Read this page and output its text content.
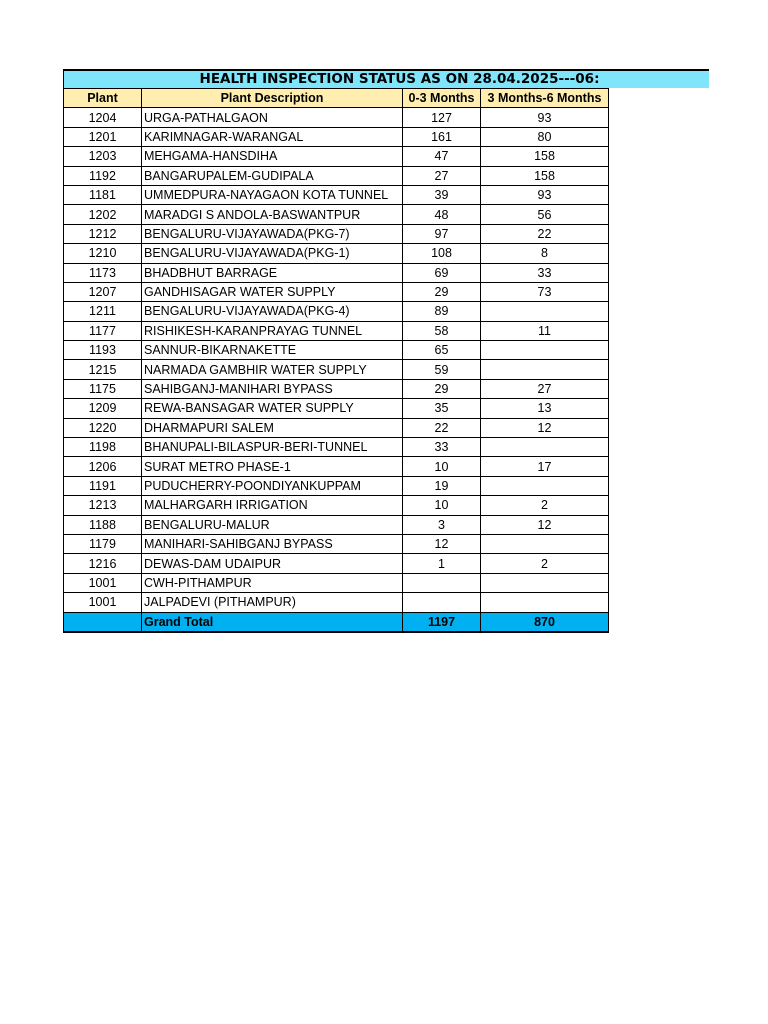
HEALTH INSPECTION STATUS AS ON 28.04.2025---06:
Plant	Plant Description	0-3 Months	3 Months-6 Months
1204	URGA-PATHALGAON	127	93
1201	KARIMNAGAR-WARANGAL	161	80
1203	MEHGAMA-HANSDIHA	47	158
1192	BANGARUPALEM-GUDIPALA	27	158
1181	UMMEDPURA-NAYAGAON KOTA TUNNEL	39	93
1202	MARADGI S ANDOLA-BASWANTPUR	48	56
1212	BENGALURU-VIJAYAWADA(PKG-7)	97	22
1210	BENGALURU-VIJAYAWADA(PKG-1)	108	8
1173	BHADBHUT BARRAGE	69	33
1207	GANDHISAGAR WATER SUPPLY	29	73
1211	BENGALURU-VIJAYAWADA(PKG-4)	89	
1177	RISHIKESH-KARANPRAYAG TUNNEL	58	11
1193	SANNUR-BIKARNAKETTE	65	
1215	NARMADA GAMBHIR WATER SUPPLY	59	
1175	SAHIBGANJ-MANIHARI BYPASS	29	27
1209	REWA-BANSAGAR WATER SUPPLY	35	13
1220	DHARMAPURI SALEM	22	12
1198	BHANUPALI-BILASPUR-BERI-TUNNEL	33	
1206	SURAT METRO PHASE-1	10	17
1191	PUDUCHERRY-POONDIYANKUPPAM	19	
1213	MALHARGARH IRRIGATION	10	2
1188	BENGALURU-MALUR	3	12
1179	MANIHARI-SAHIBGANJ BYPASS	12	
1216	DEWAS-DAM UDAIPUR	1	2
1001	CWH-PITHAMPUR		
1001	JALPADEVI (PITHAMPUR)		
	Grand Total	1197	870
